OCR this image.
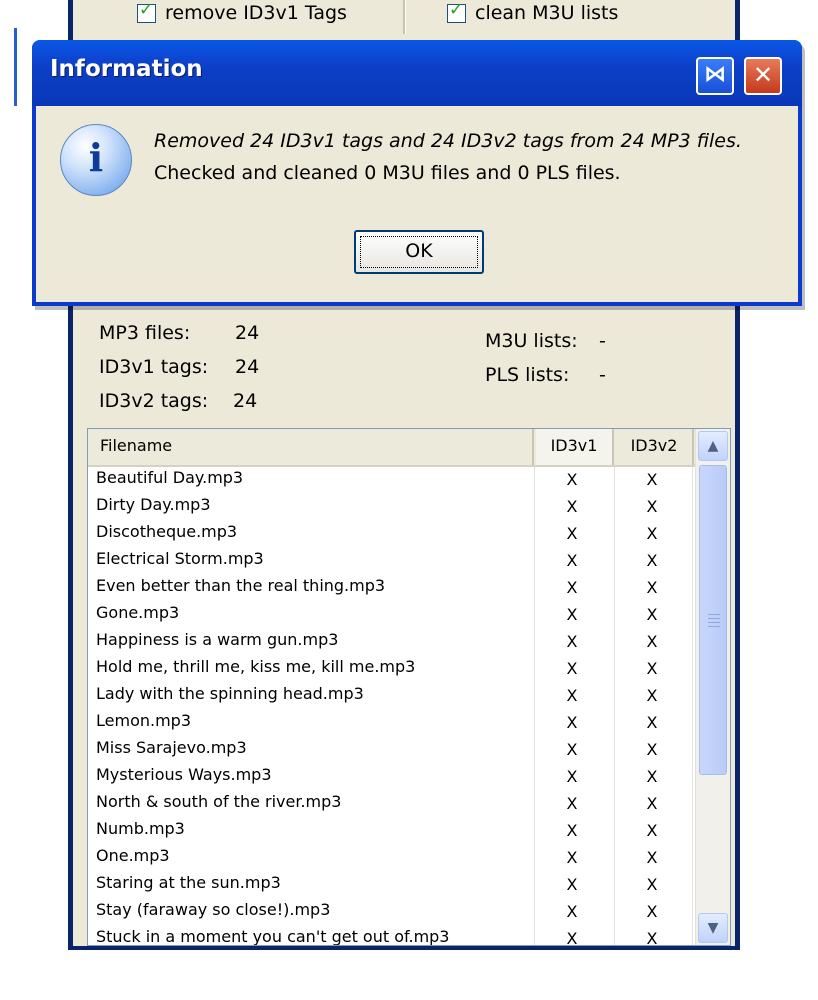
✓ remove ID3v1 Tags	✓ clean M3U lists
MP3 files: 24
ID3v1 tags: 24
ID3v2 tags: 24
M3U lists: -
PLS lists: -
Filename	ID3v1	ID3v2
Beautiful Day.mp3	X	X
Dirty Day.mp3	X	X
Discotheque.mp3	X	X
Electrical Storm.mp3	X	X
Even better than the real thing.mp3	X	X
Gone.mp3	X	X
Happiness is a warm gun.mp3	X	X
Hold me, thrill me, kiss me, kill me.mp3	X	X
Lady with the spinning head.mp3	X	X
Lemon.mp3	X	X
Miss Sarajevo.mp3	X	X
Mysterious Ways.mp3	X	X
North & south of the river.mp3	X	X
Numb.mp3	X	X
One.mp3	X	X
Staring at the sun.mp3	X	X
Stay (faraway so close!).mp3	X	X
Stuck in a moment you can't get out of.mp3	X	X
▲
▼
Information	⋈	✕
i	Removed 24 ID3v1 tags and 24 ID3v2 tags from 24 MP3 files.
Checked and cleaned 0 M3U files and 0 PLS files.
OK
